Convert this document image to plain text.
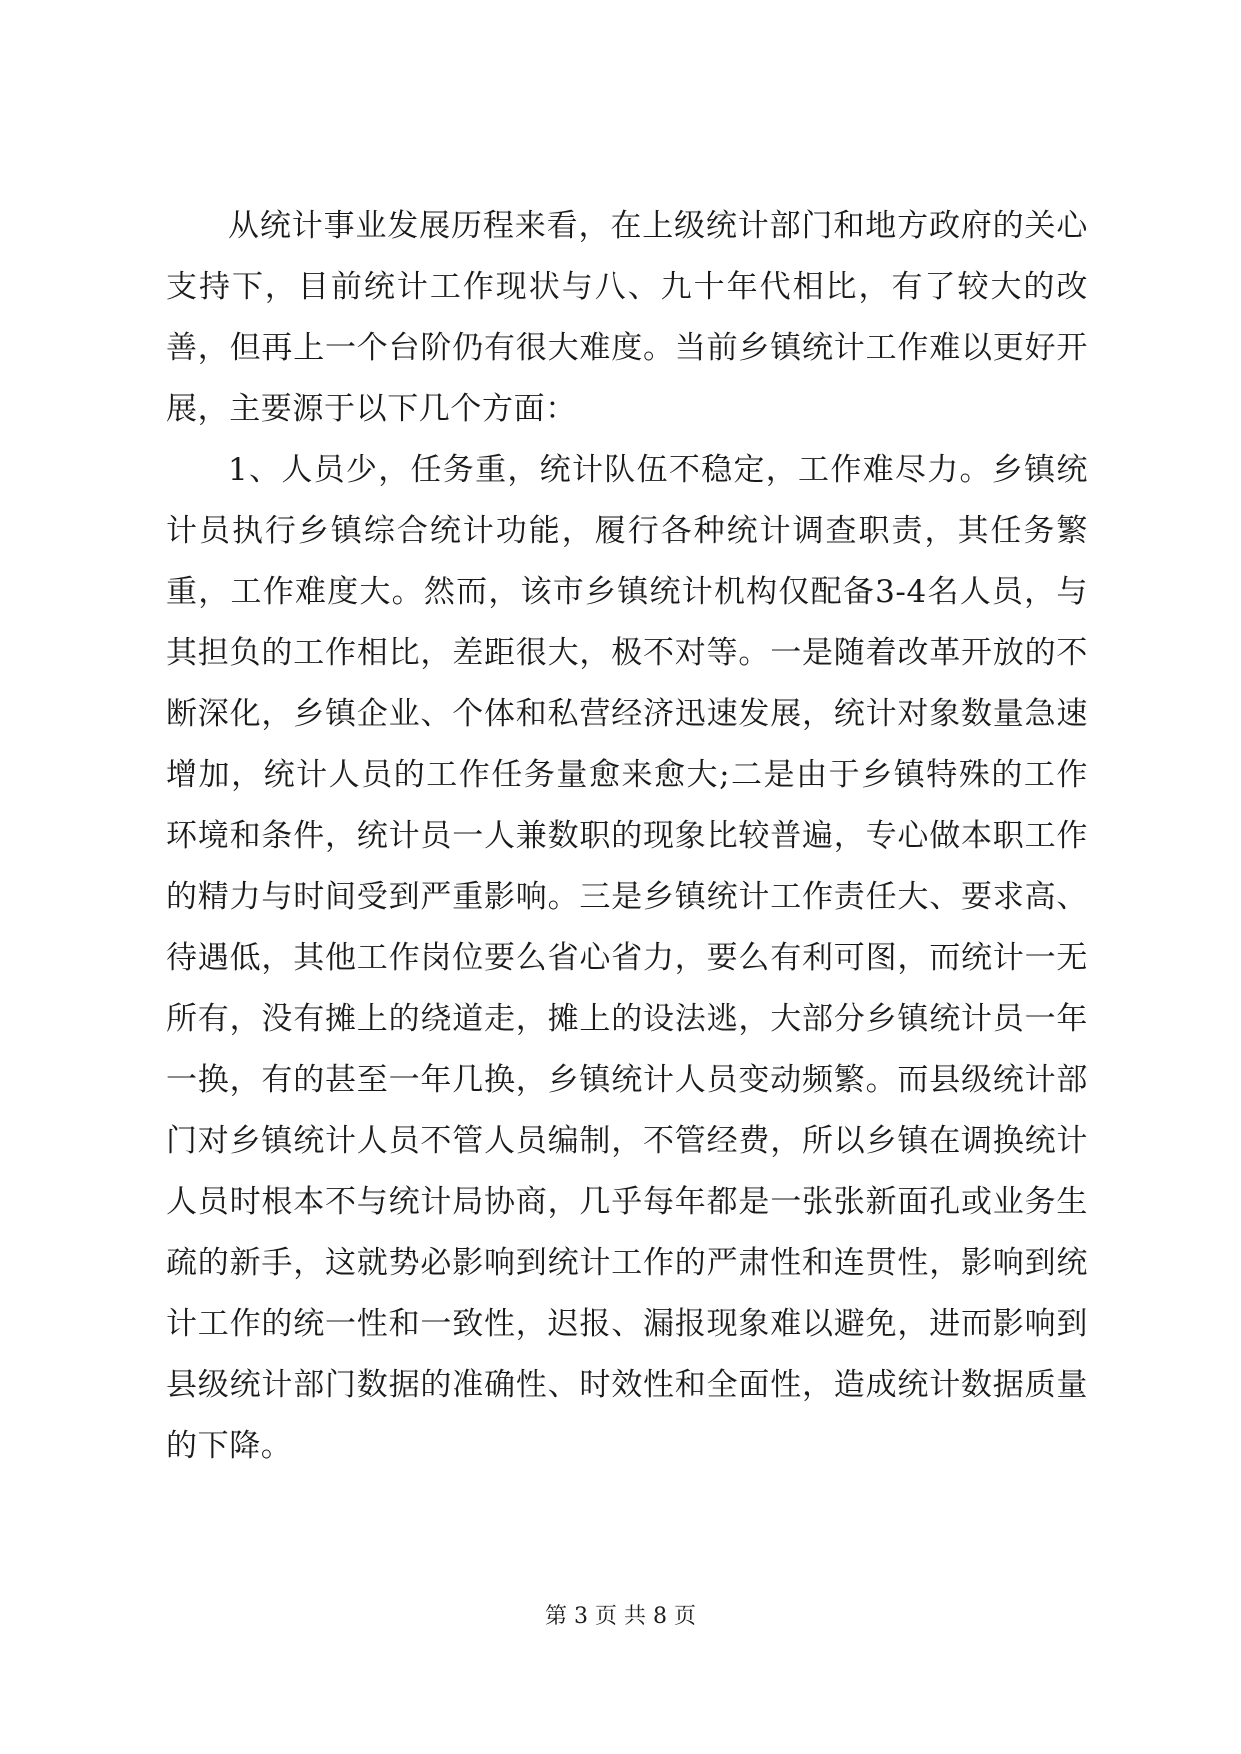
从统计事业发展历程来看，在上级统计部门和地方政府的关心支持下，目前统计工作现状与八、九十年代相比，有了较大的改善，但再上一个台阶仍有很大难度。当前乡镇统计工作难以更好开展，主要源于以下几个方面：

1、人员少，任务重，统计队伍不稳定，工作难尽力。乡镇统计员执行乡镇综合统计功能，履行各种统计调查职责，其任务繁重，工作难度大。然而，该市乡镇统计机构仅配备3-4名人员，与其担负的工作相比，差距很大，极不对等。一是随着改革开放的不断深化，乡镇企业、个体和私营经济迅速发展，统计对象数量急速增加，统计人员的工作任务量愈来愈大;二是由于乡镇特殊的工作环境和条件，统计员一人兼数职的现象比较普遍，专心做本职工作的精力与时间受到严重影响。三是乡镇统计工作责任大、要求高、待遇低，其他工作岗位要么省心省力，要么有利可图，而统计一无所有，没有摊上的绕道走，摊上的设法逃，大部分乡镇统计员一年一换，有的甚至一年几换，乡镇统计人员变动频繁。而县级统计部门对乡镇统计人员不管人员编制，不管经费，所以乡镇在调换统计人员时根本不与统计局协商，几乎每年都是一张张新面孔或业务生疏的新手，这就势必影响到统计工作的严肃性和连贯性，影响到统计工作的统一性和一致性，迟报、漏报现象难以避免，进而影响到县级统计部门数据的准确性、时效性和全面性，造成统计数据质量的下降。

第 3 页 共 8 页
